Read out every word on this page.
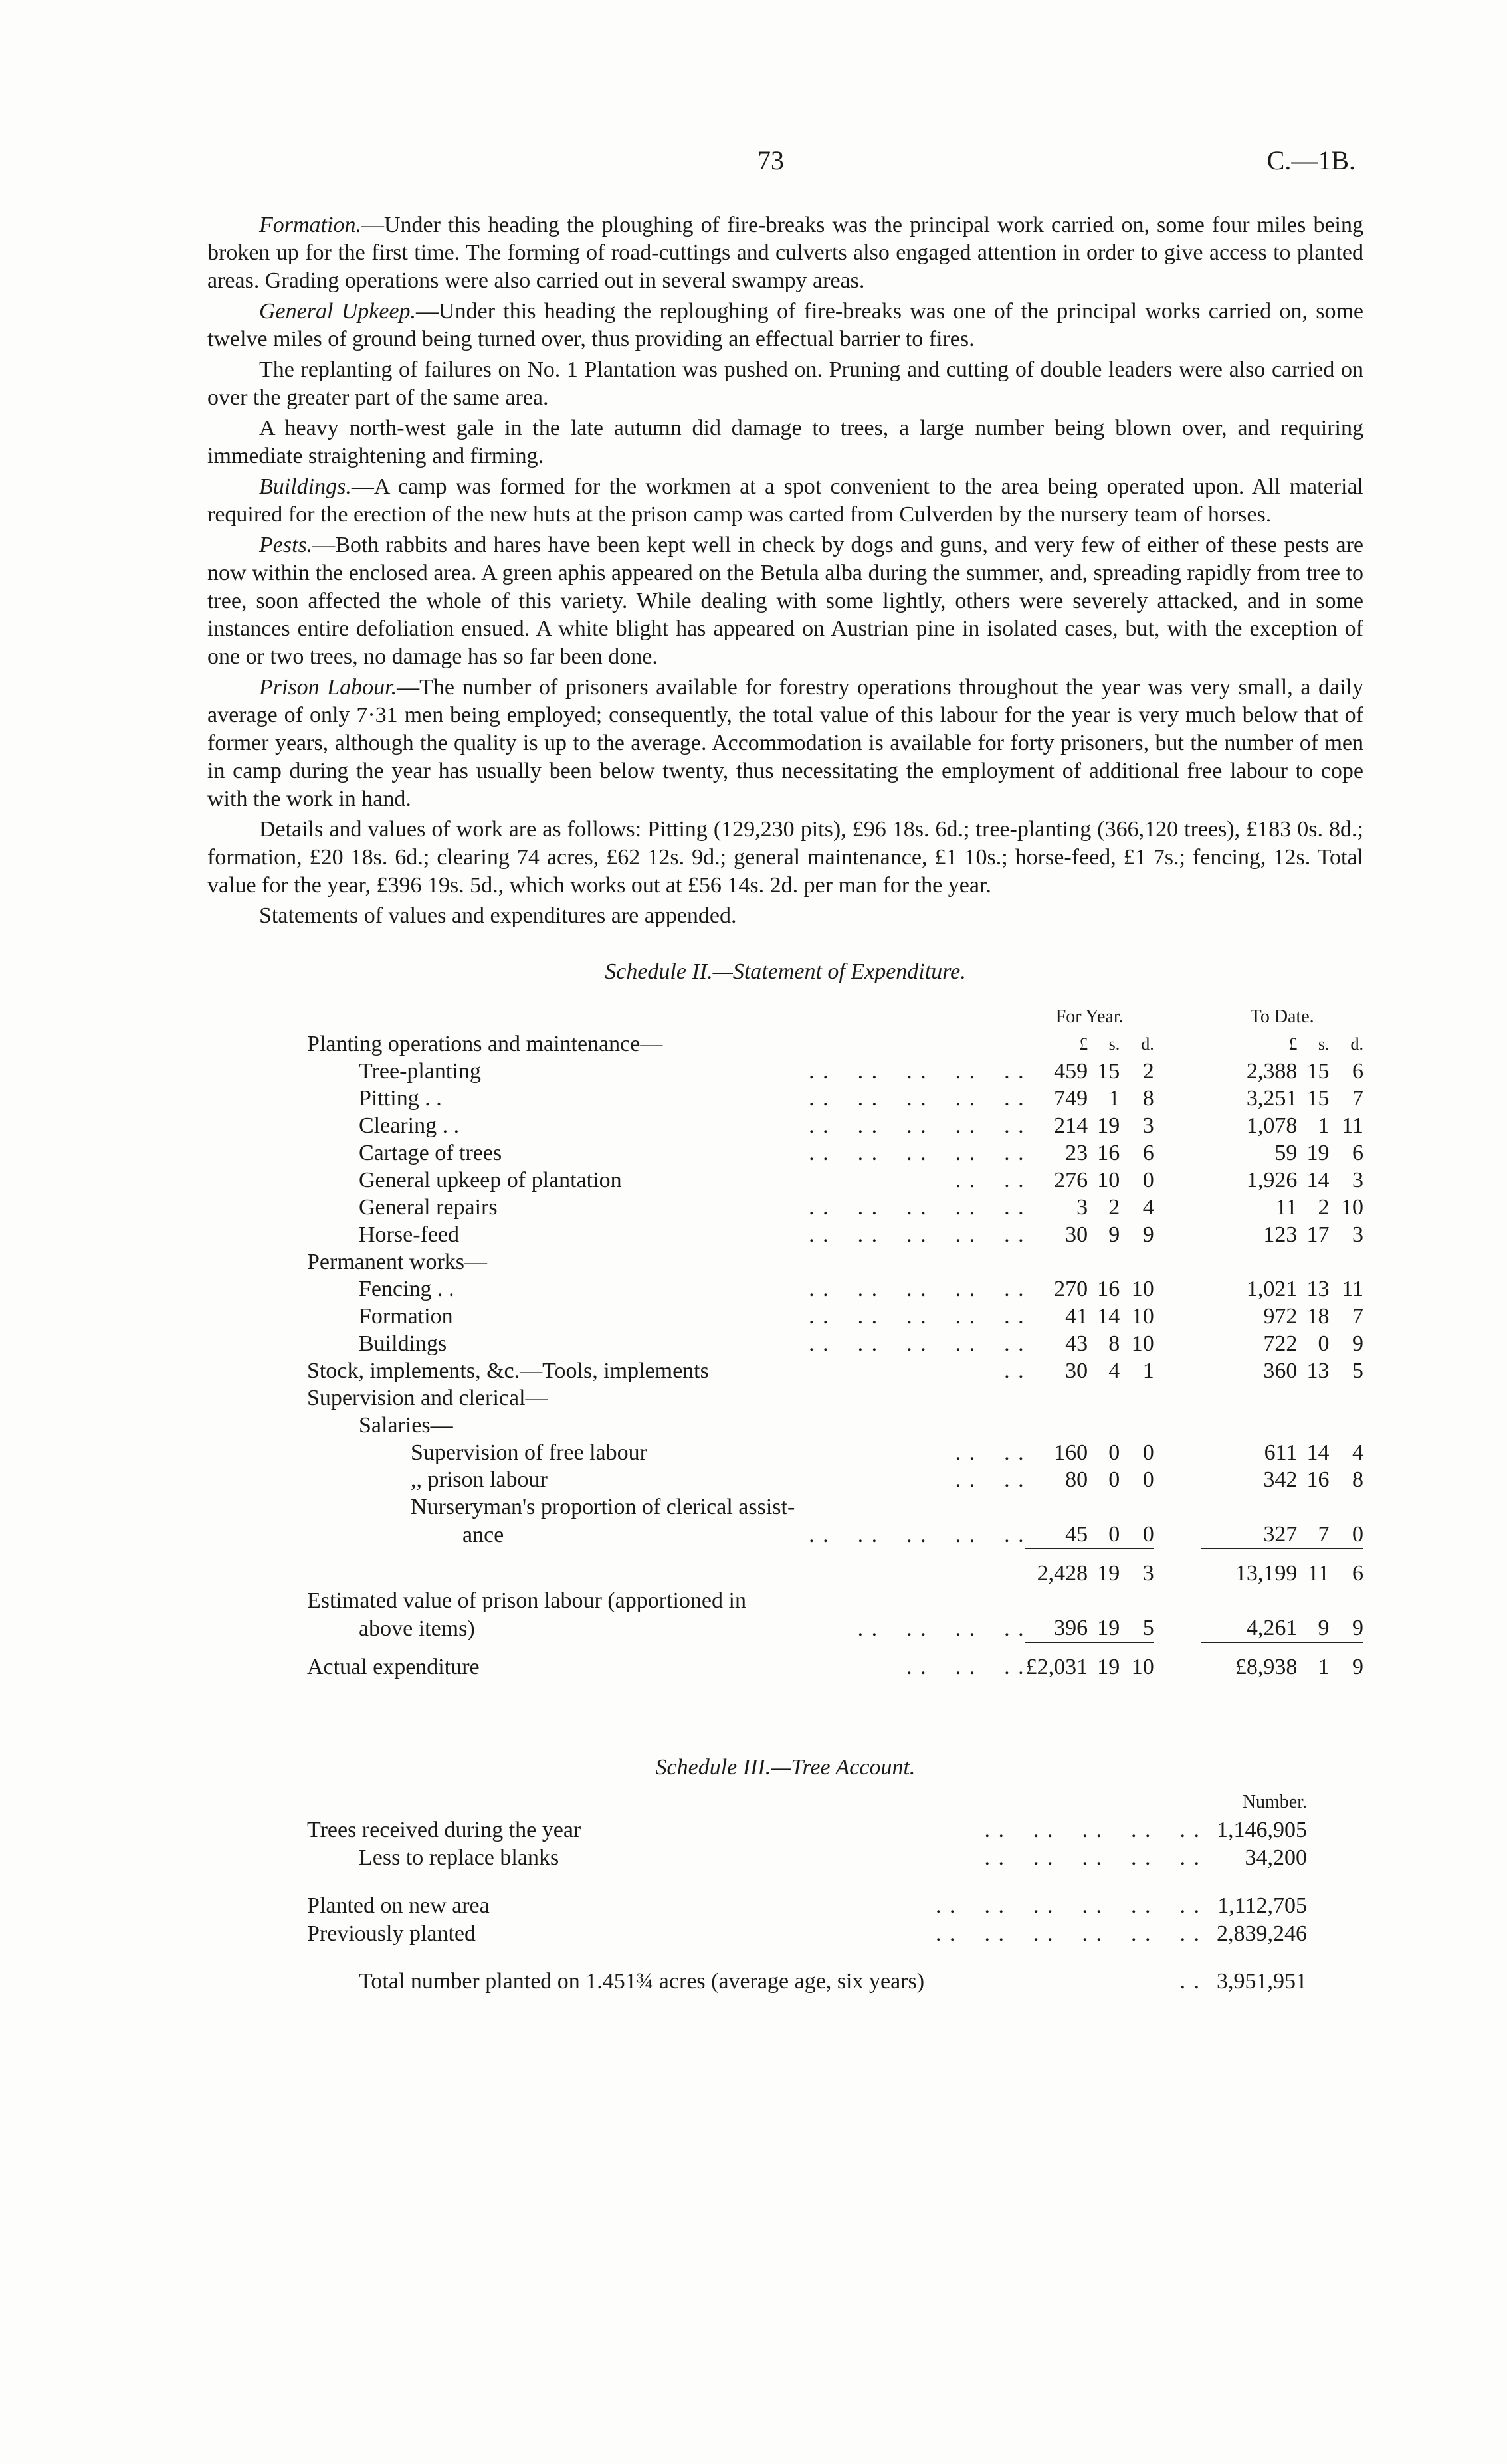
73	C.—1B.

Formation.—Under this heading the ploughing of fire-breaks was the principal work carried on, some four miles being broken up for the first time. The forming of road-cuttings and culverts also engaged attention in order to give access to planted areas. Grading operations were also carried out in several swampy areas.

General Upkeep.—Under this heading the reploughing of fire-breaks was one of the principal works carried on, some twelve miles of ground being turned over, thus providing an effectual barrier to fires.

The replanting of failures on No. 1 Plantation was pushed on. Pruning and cutting of double leaders were also carried on over the greater part of the same area.

A heavy north-west gale in the late autumn did damage to trees, a large number being blown over, and requiring immediate straightening and firming.

Buildings.—A camp was formed for the workmen at a spot convenient to the area being operated upon. All material required for the erection of the new huts at the prison camp was carted from Culverden by the nursery team of horses.

Pests.—Both rabbits and hares have been kept well in check by dogs and guns, and very few of either of these pests are now within the enclosed area. A green aphis appeared on the Betula alba during the summer, and, spreading rapidly from tree to tree, soon affected the whole of this variety. While dealing with some lightly, others were severely attacked, and in some instances entire defoliation ensued. A white blight has appeared on Austrian pine in isolated cases, but, with the exception of one or two trees, no damage has so far been done.

Prison Labour.—The number of prisoners available for forestry operations throughout the year was very small, a daily average of only 7·31 men being employed; consequently, the total value of this labour for the year is very much below that of former years, although the quality is up to the average. Accommodation is available for forty prisoners, but the number of men in camp during the year has usually been below twenty, thus necessitating the employment of additional free labour to cope with the work in hand.

Details and values of work are as follows: Pitting (129,230 pits), £96 18s. 6d.; tree-planting (366,120 trees), £183 0s. 8d.; formation, £20 18s. 6d.; clearing 74 acres, £62 12s. 9d.; general maintenance, £1 10s.; horse-feed, £1 7s.; fencing, 12s. Total value for the year, £396 19s. 5d., which works out at £56 14s. 2d. per man for the year.

Statements of values and expenditures are appended.

Schedule II.—Statement of Expenditure.

	For Year.				To Date.		
Planting operations and maintenance—	£	s.	d.		£	s.	d.
Tree-planting . .    . .    . .    . .    . .	459	15	2		2,388	15	6
Pitting . . . .    . .    . .    . .    . .	749	1	8		3,251	15	7
Clearing . . . .    . .    . .    . .    . .	214	19	3		1,078	1	11
Cartage of trees . .    . .    . .    . .    . .	23	16	6		59	19	6
General upkeep of plantation . .    . .	276	10	0		1,926	14	3
General repairs . .    . .    . .    . .    . .	3	2	4		11	2	10
Horse-feed . .    . .    . .    . .    . .	30	9	9		123	17	3
Permanent works—							
Fencing . . . .    . .    . .    . .    . .	270	16	10		1,021	13	11
Formation . .    . .    . .    . .    . .	41	14	10		972	18	7
Buildings . .    . .    . .    . .    . .	43	8	10		722	0	9
Stock, implements, &c.—Tools, implements . .	30	4	1		360	13	5
Supervision and clerical—							
Salaries—							
Supervision of free labour . .    . .	160	0	0		611	14	4
,, prison labour . .    . .	80	0	0		342	16	8
Nurseryman's proportion of clerical assist-							
ance . .    . .    . .    . .    . .	45	0	0		327	7	0
	2,428	19	3		13,199	11	6
Estimated value of prison labour (apportioned in							
above items) . .    . .    . .    . .	396	19	5		4,261	9	9
Actual expenditure . .    . .    . .	£2,031	19	10		£8,938	1	9

Schedule III.—Tree Account.

	Number.
Trees received during the year . .    . .    . .    . .    . .	1,146,905
Less to replace blanks . .    . .    . .    . .    . .	34,200

Planted on new area . .    . .    . .    . .    . .    . .	1,112,705
Previously planted . .    . .    . .    . .    . .    . .	2,839,246

Total number planted on 1.451¾ acres (average age, six years) . .	3,951,951
